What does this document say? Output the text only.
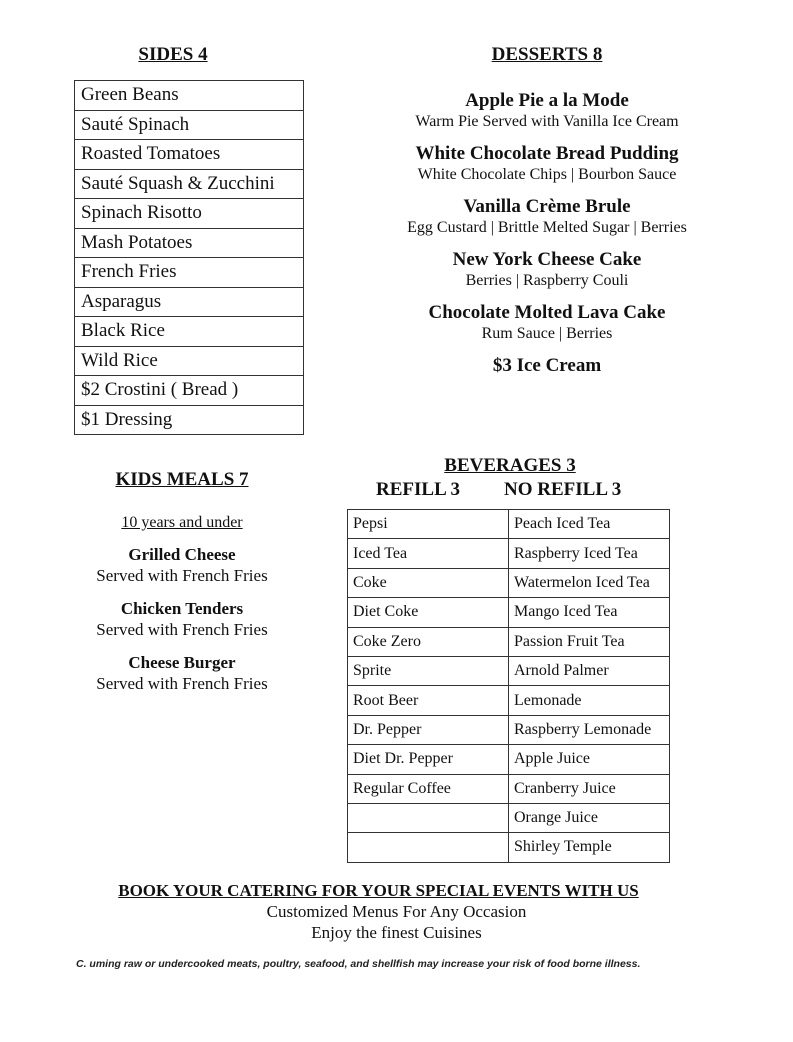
SIDES 4
Green Beans
Sauté Spinach
Roasted Tomatoes
Sauté Squash & Zucchini
Spinach Risotto
Mash Potatoes
French Fries
Asparagus
Black Rice
Wild Rice
$2 Crostini ( Bread )
$1 Dressing
DESSERTS 8
Apple Pie a la Mode
Warm Pie Served with Vanilla Ice Cream
White Chocolate Bread Pudding
White Chocolate Chips | Bourbon Sauce
Vanilla Crème Brule
Egg Custard | Brittle Melted Sugar | Berries
New York Cheese Cake
Berries | Raspberry Couli
Chocolate Molted Lava Cake
Rum Sauce | Berries
$3 Ice Cream
KIDS MEALS 7
10 years and under
Grilled Cheese
Served with French Fries
Chicken Tenders
Served with French Fries
Cheese Burger
Served with French Fries
BEVERAGES 3
REFILL 3 NO REFILL 3
Pepsi	Peach Iced Tea
Iced Tea	Raspberry Iced Tea
Coke	Watermelon Iced Tea
Diet Coke	Mango Iced Tea
Coke Zero	Passion Fruit Tea
Sprite	Arnold Palmer
Root Beer	Lemonade
Dr. Pepper	Raspberry Lemonade
Diet Dr. Pepper	Apple Juice
Regular Coffee	Cranberry Juice
	Orange Juice
	Shirley Temple
BOOK YOUR CATERING FOR YOUR SPECIAL EVENTS WITH US
Customized Menus For Any Occasion
Enjoy the finest Cuisines
C. uming raw or undercooked meats, poultry, seafood, and shellfish may increase your risk of food borne illness.
